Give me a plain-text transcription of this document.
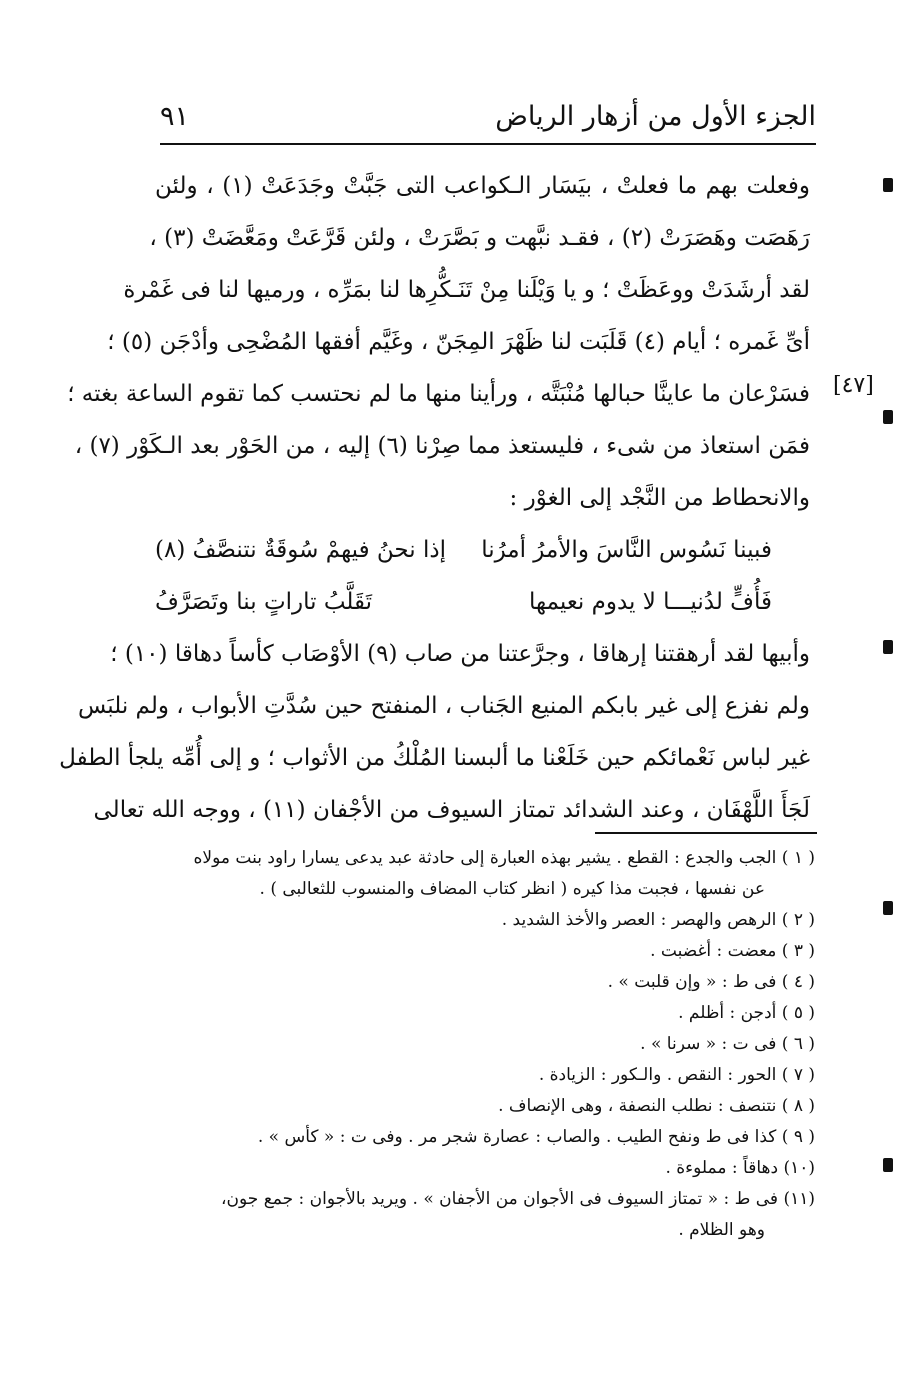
الجزء الأول من أزهار الرياض
٩١
[٤٧]
وفعلت بهم ما فعلتْ ، بيَسَار الـكواعب التى جَبَّتْ وجَدَعَتْ (١) ، ولئن
رَهَصَت وهَصَرَتْ (٢) ، فقـد نبَّهت و بَصَّرَتْ ، ولئن قَرَّعَتْ ومَعَّضَتْ (٣) ،
لقد أرشَدَتْ ووعَظَتْ ؛ و يا وَيْلَنا مِنْ تَنَـكُّرِها لنا بمَرِّه ، ورميها لنا فى غَمْرة
أىِّ غَمره ؛ أيام (٤) قَلَبَت لنا ظَهْرَ المِجَنّ ، وغَيَّم أفقها المُضْحِى وأدْجَن (٥) ؛
فسَرْعان ما عاينَّا حبالها مُنْبَتَّه ، ورأينا منها ما لم نحتسب كما تقوم الساعة بغته ؛
فمَن استعاذ من شىء ، فليستعذ مما صِرْنا (٦) إليه ، من الحَوْر بعد الـكَوْر (٧) ،
والانحطاط من النَّجْد إلى الغوْر :
فبينا نَسُوس النَّاسَ والأمرُ أمرُنا
إذا نحنُ فيهمْ سُوقَةٌ نتنصَّفُ (٨)
فَأُفٍّ لدُنيـــا لا يدوم نعيمها
تَقَلَّبُ تاراتٍ بنا وتَصَرَّفُ
وأبيها لقد أرهقتنا إرهاقا ، وجرَّعتنا من صاب (٩) الأوْصَاب كأساً دهاقا (١٠) ؛
ولم نفزع إلى غير بابكم المنيع الجَناب ، المنفتح حين سُدَّتِ الأبواب ، ولم نلبَس
غير لباس نَعْمائكم حين خَلَعْنا ما ألبسنا المُلْكُ من الأثواب ؛ و إلى أُمِّه يلجأ الطفل
لَجَأَ اللَّهْفَان ، وعند الشدائد تمتاز السيوف من الأجْفان (١١) ، ووجه الله تعالى
( ١ ) الجب والجدع : القطع . يشير بهذه العبارة إلى حادثة عبد يدعى يسارا راود بنت مولاه
عن نفسها ، فجبت مذا كيره ( انظر كتاب المضاف والمنسوب للثعالبى ) .
( ٢ ) الرهص والهصر : العصر والأخذ الشديد .
( ٣ ) معضت : أغضبت .
( ٤ ) فى ط : « وإن قلبت » .
( ٥ ) أدجن : أظلم .
( ٦ ) فى ت : « سرنا » .
( ٧ ) الحور : النقص . والـكور : الزيادة .
( ٨ ) نتنصف : نطلب النصفة ، وهى الإنصاف .
( ٩ ) كذا فى ط ونفح الطيب . والصاب : عصارة شجر مر . وفى ت : « كأس » .
(١٠) دهاقاً : مملوءة .
(١١) فى ط : « تمتاز السيوف فى الأجوان من الأجفان » . ويريد بالأجوان : جمع جون،
وهو الظلام .
